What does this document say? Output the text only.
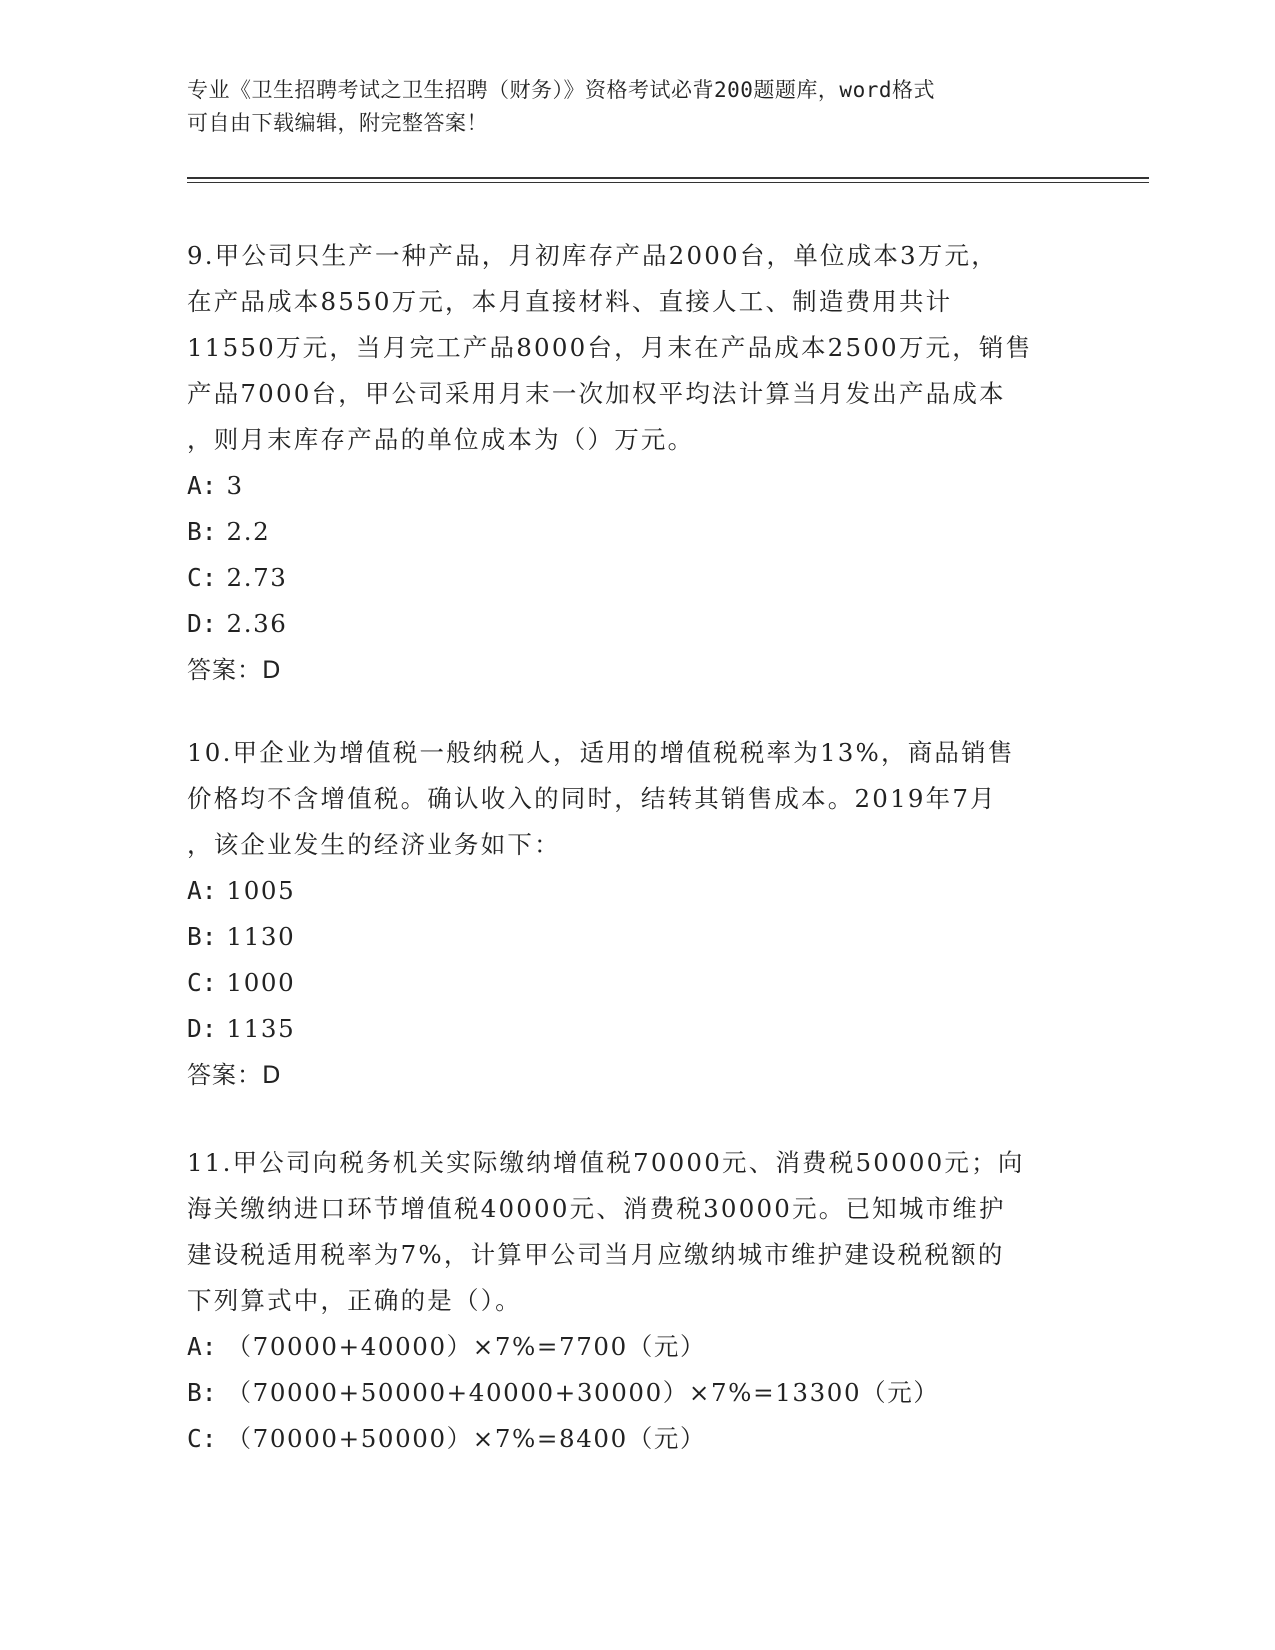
专业《卫生招聘考试之卫生招聘（财务）》资格考试必背200题题库，word格式
可自由下载编辑，附完整答案！

9.甲公司只生产一种产品，月初库存产品2000台，单位成本3万元，

在产品成本8550万元，本月直接材料、直接人工、制造费用共计

11550万元，当月完工产品8000台，月末在产品成本2500万元，销售

产品7000台，甲公司采用月末一次加权平均法计算当月发出产品成本

，则月末库存产品的单位成本为（）万元。

A: 3
B: 2.2
C: 2.73
D: 2.36
答案：D

10.甲企业为增值税一般纳税人，适用的增值税税率为13%，商品销售

价格均不含增值税。确认收入的同时，结转其销售成本。2019年7月

，该企业发生的经济业务如下：

A: 1005
B: 1130
C: 1000
D: 1135
答案：D

11.甲公司向税务机关实际缴纳增值税70000元、消费税50000元；向

海关缴纳进口环节增值税40000元、消费税30000元。已知城市维护

建设税适用税率为7%，计算甲公司当月应缴纳城市维护建设税税额的

下列算式中，正确的是（）。

A: （70000+40000）×7%=7700（元）
B: （70000+50000+40000+30000）×7%=13300（元）
C: （70000+50000）×7%=8400（元）
